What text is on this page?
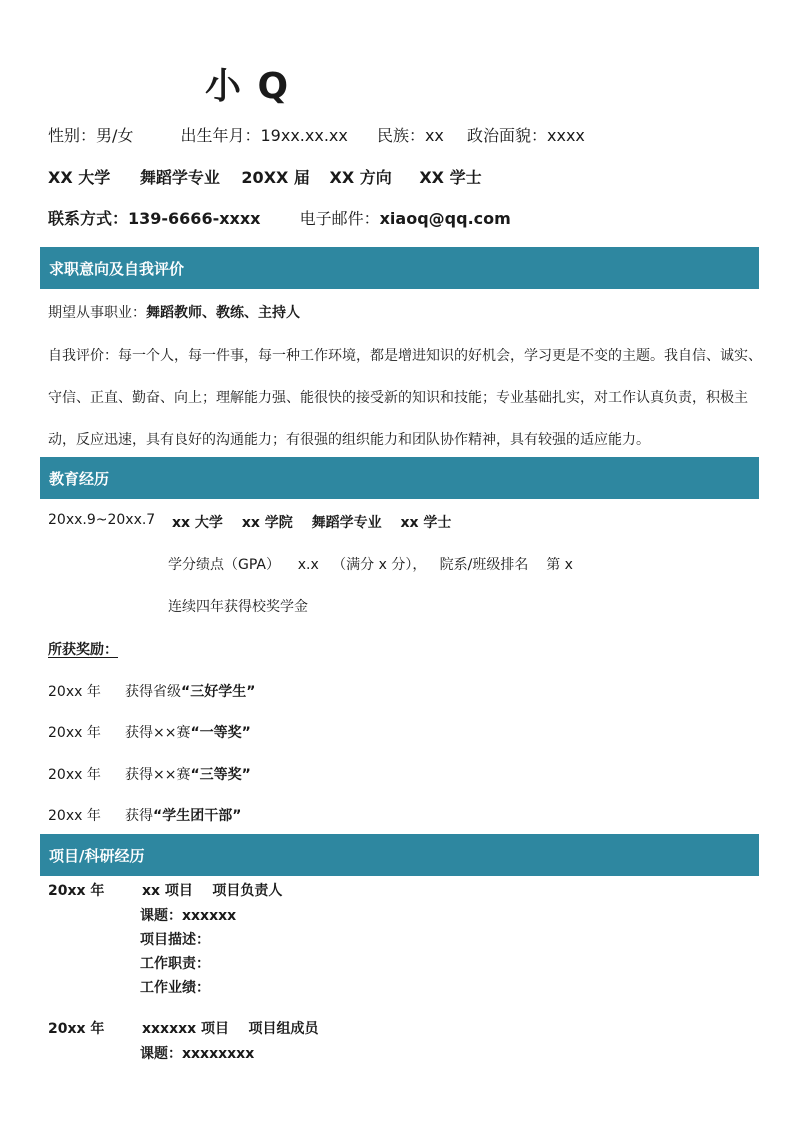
小 Q
性别：男/女	出生年月：19xx.xx.xx 民族：xx 政治面貌：xxxx
XX 大学 舞蹈学专业 20XX 届 XX 方向 XX 学士
联系方式：139-6666-xxxx 电子邮件：xiaoq@qq.com
求职意向及自我评价
期望从事职业：舞蹈教师、教练、主持人
自我评价：每一个人，每一件事，每一种工作环境，都是增进知识的好机会，学习更是不变的主题。我自信、诚实、
守信、正直、勤奋、向上；理解能力强、能很快的接受新的知识和技能；专业基础扎实，对工作认真负责，积极主
动，反应迅速，具有良好的沟通能力；有很强的组织能力和团队协作精神，具有较强的适应能力。
教育经历
20xx.9~20xx.7 xx 大学 xx 学院 舞蹈学专业 xx 学士
学分绩点（GPA）    x.x   （满分 x 分），   院系/班级排名    第 x
连续四年获得校奖学金
所获奖励：
20xx 年 获得省级“三好学生”
20xx 年 获得××赛“一等奖”
20xx 年 获得××赛“三等奖”
20xx 年 获得“学生团干部”
项目/科研经历
20xx 年	xx 项目    项目负责人
课题：xxxxxx
项目描述：
工作职责：
工作业绩：
20xx 年	xxxxxx 项目    项目组成员
课题：xxxxxxxx
